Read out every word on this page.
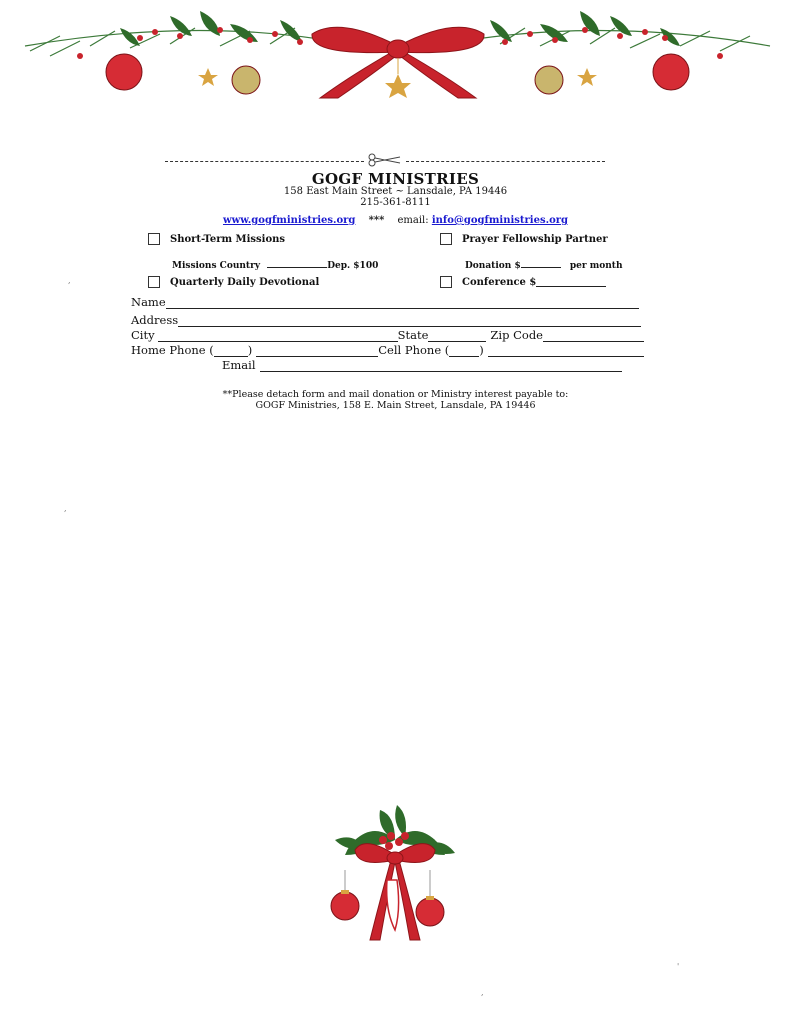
GOGF MINISTRIES
158 East Main Street ~ Lansdale, PA 19446
215-361-8111
www.gogfministries.org *** email: info@gogfministries.org
Short-Term Missions	Prayer Fellowship Partner
Missions Country	Dep. $100	Donation $	per month
Quarterly Daily Devotional	Conference $
Name
Address
City	State	Zip Code
Home Phone (	)	Cell Phone (	)
Email
**Please detach form and mail donation or Ministry interest payable to:
GOGF Ministries, 158 E. Main Street, Lansdale, PA 19446
,
,
'
,
